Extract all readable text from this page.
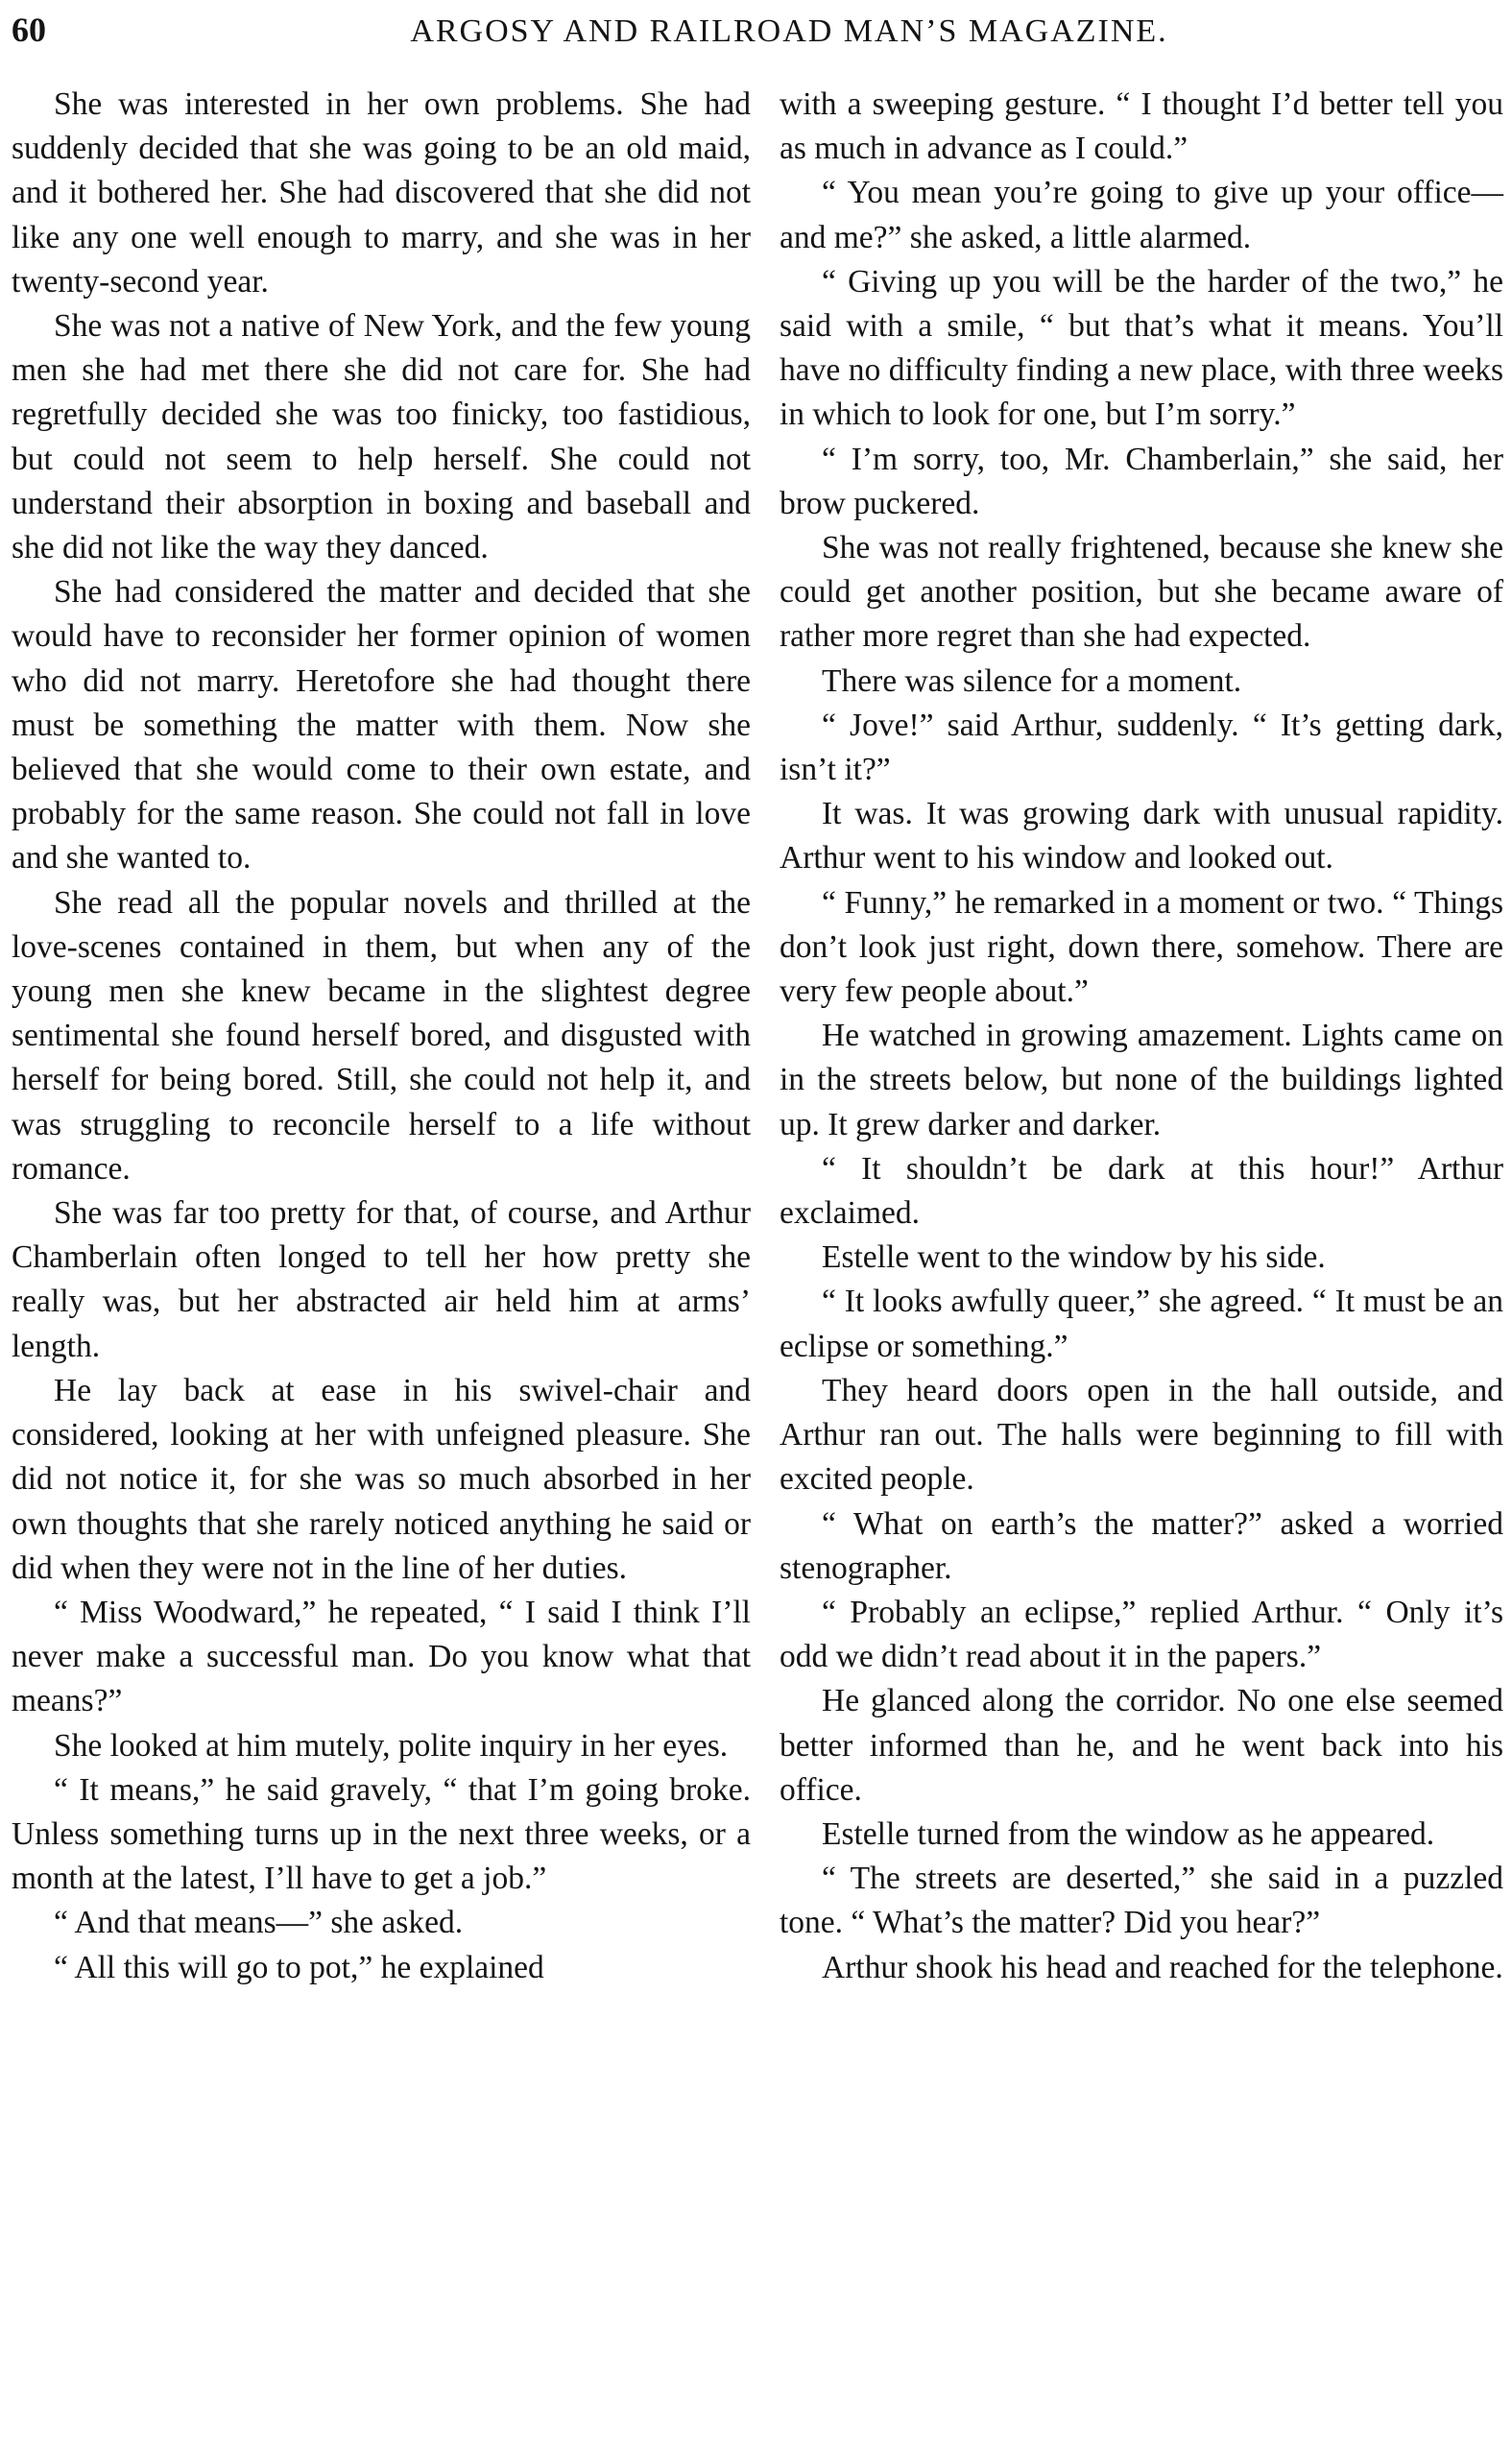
60	ARGOSY AND RAILROAD MAN’S MAGAZINE.

She was interested in her own problems. She had suddenly decided that she was going to be an old maid, and it bothered her. She had discovered that she did not like any one well enough to marry, and she was in her twenty-second year.

She was not a native of New York, and the few young men she had met there she did not care for. She had regretfully decided she was too finicky, too fastidious, but could not seem to help herself. She could not understand their absorption in boxing and baseball and she did not like the way they danced.

She had considered the matter and decided that she would have to reconsider her former opinion of women who did not marry. Heretofore she had thought there must be something the matter with them. Now she believed that she would come to their own estate, and probably for the same reason. She could not fall in love and she wanted to.

She read all the popular novels and thrilled at the love-scenes contained in them, but when any of the young men she knew became in the slightest degree sentimental she found herself bored, and disgusted with herself for being bored. Still, she could not help it, and was struggling to reconcile herself to a life without romance.

She was far too pretty for that, of course, and Arthur Chamberlain often longed to tell her how pretty she really was, but her abstracted air held him at arms’ length.

He lay back at ease in his swivel-chair and considered, looking at her with unfeigned pleasure. She did not notice it, for she was so much absorbed in her own thoughts that she rarely noticed anything he said or did when they were not in the line of her duties.

“ Miss Woodward,” he repeated, “ I said I think I’ll never make a successful man. Do you know what that means?”

She looked at him mutely, polite inquiry in her eyes.

“ It means,” he said gravely, “ that I’m going broke. Unless something turns up in the next three weeks, or a month at the latest, I’ll have to get a job.”

“ And that means—” she asked.

“ All this will go to pot,” he explained

with a sweeping gesture. “ I thought I’d better tell you as much in advance as I could.”

“ You mean you’re going to give up your office—and me?” she asked, a little alarmed.

“ Giving up you will be the harder of the two,” he said with a smile, “ but that’s what it means. You’ll have no difficulty finding a new place, with three weeks in which to look for one, but I’m sorry.”

“ I’m sorry, too, Mr. Chamberlain,” she said, her brow puckered.

She was not really frightened, because she knew she could get another position, but she became aware of rather more regret than she had expected.

There was silence for a moment.

“ Jove!” said Arthur, suddenly. “ It’s getting dark, isn’t it?”

It was. It was growing dark with unusual rapidity. Arthur went to his window and looked out.

“ Funny,” he remarked in a moment or two. “ Things don’t look just right, down there, somehow. There are very few people about.”

He watched in growing amazement. Lights came on in the streets below, but none of the buildings lighted up. It grew darker and darker.

“ It shouldn’t be dark at this hour!” Arthur exclaimed.

Estelle went to the window by his side.

“ It looks awfully queer,” she agreed. “ It must be an eclipse or something.”

They heard doors open in the hall outside, and Arthur ran out. The halls were beginning to fill with excited people.

“ What on earth’s the matter?” asked a worried stenographer.

“ Probably an eclipse,” replied Arthur. “ Only it’s odd we didn’t read about it in the papers.”

He glanced along the corridor. No one else seemed better informed than he, and he went back into his office.

Estelle turned from the window as he appeared.

“ The streets are deserted,” she said in a puzzled tone. “ What’s the matter? Did you hear?”

Arthur shook his head and reached for the telephone.
